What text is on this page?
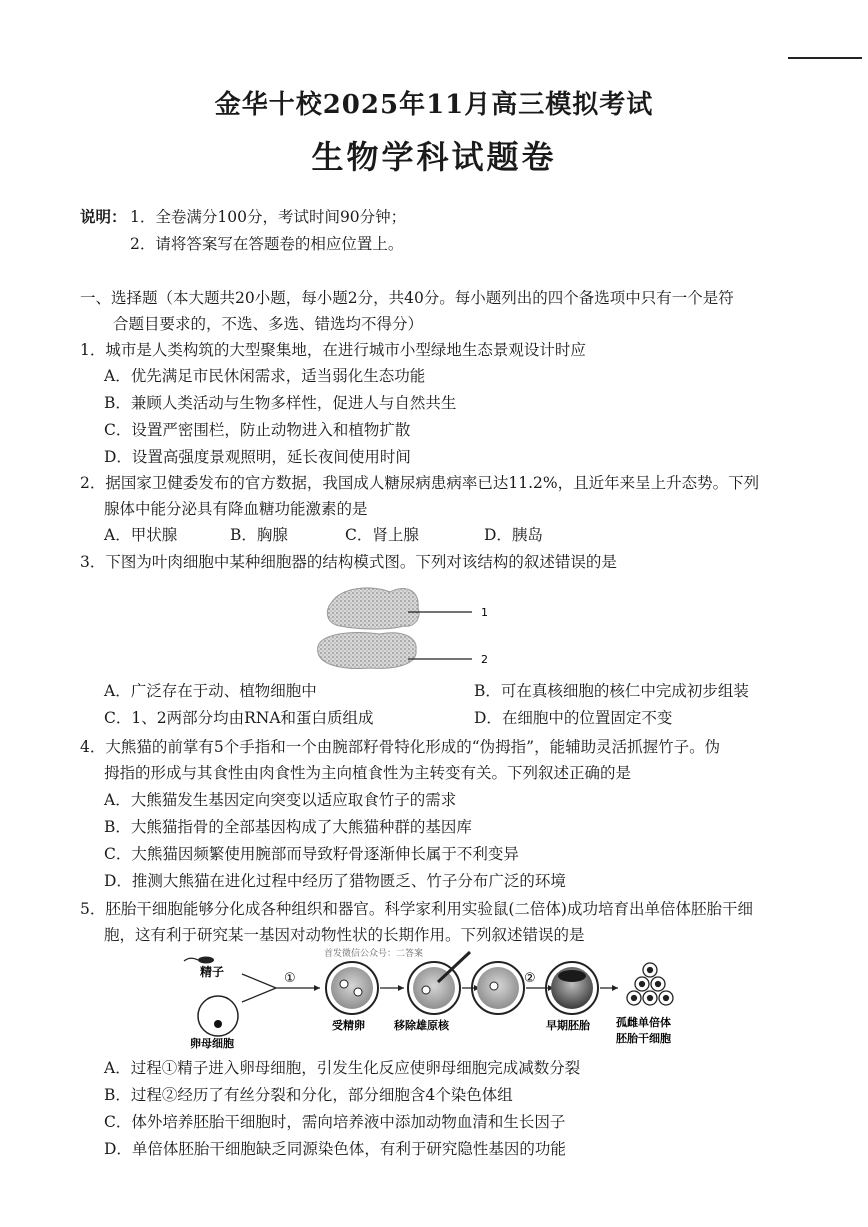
金华十校2025年11月高三模拟考试
生物学科试题卷
说明： 1．全卷满分100分，考试时间90分钟；
2．请将答案写在答题卷的相应位置上。
一、选择题（本大题共20小题，每小题2分，共40分。每小题列出的四个备选项中只有一个是符
合题目要求的，不选、多选、错选均不得分）
1．城市是人类构筑的大型聚集地，在进行城市小型绿地生态景观设计时应
A．优先满足市民休闲需求，适当弱化生态功能
B．兼顾人类活动与生物多样性，促进人与自然共生
C．设置严密围栏，防止动物进入和植物扩散
D．设置高强度景观照明，延长夜间使用时间
2．据国家卫健委发布的官方数据，我国成人糖尿病患病率已达11.2%，且近年来呈上升态势。下列
腺体中能分泌具有降血糖功能激素的是
A．甲状腺	B．胸腺	C．肾上腺	D．胰岛
3．下图为叶肉细胞中某种细胞器的结构模式图。下列对该结构的叙述错误的是
1
2
A．广泛存在于动、植物细胞中	B．可在真核细胞的核仁中完成初步组装
C．1、2两部分均由RNA和蛋白质组成	D．在细胞中的位置固定不变
4．大熊猫的前掌有5个手指和一个由腕部籽骨特化形成的“伪拇指”，能辅助灵活抓握竹子。伪
拇指的形成与其食性由肉食性为主向植食性为主转变有关。下列叙述正确的是
A．大熊猫发生基因定向突变以适应取食竹子的需求
B．大熊猫指骨的全部基因构成了大熊猫种群的基因库
C．大熊猫因频繁使用腕部而导致籽骨逐渐伸长属于不利变异
D．推测大熊猫在进化过程中经历了猎物匮乏、竹子分布广泛的环境
5．胚胎干细胞能够分化成各种组织和器官。科学家利用实验鼠(二倍体)成功培育出单倍体胚胎干细
胞，这有利于研究某一基因对动物性状的长期作用。下列叙述错误的是
首发微信公众号：二答案
精子
卵母细胞
①
受精卵	移除雄原核
②
早期胚胎 孤雌单倍体
胚胎干细胞
A．过程①精子进入卵母细胞，引发生化反应使卵母细胞完成减数分裂
B．过程②经历了有丝分裂和分化，部分细胞含4个染色体组
C．体外培养胚胎干细胞时，需向培养液中添加动物血清和生长因子
D．单倍体胚胎干细胞缺乏同源染色体，有利于研究隐性基因的功能
